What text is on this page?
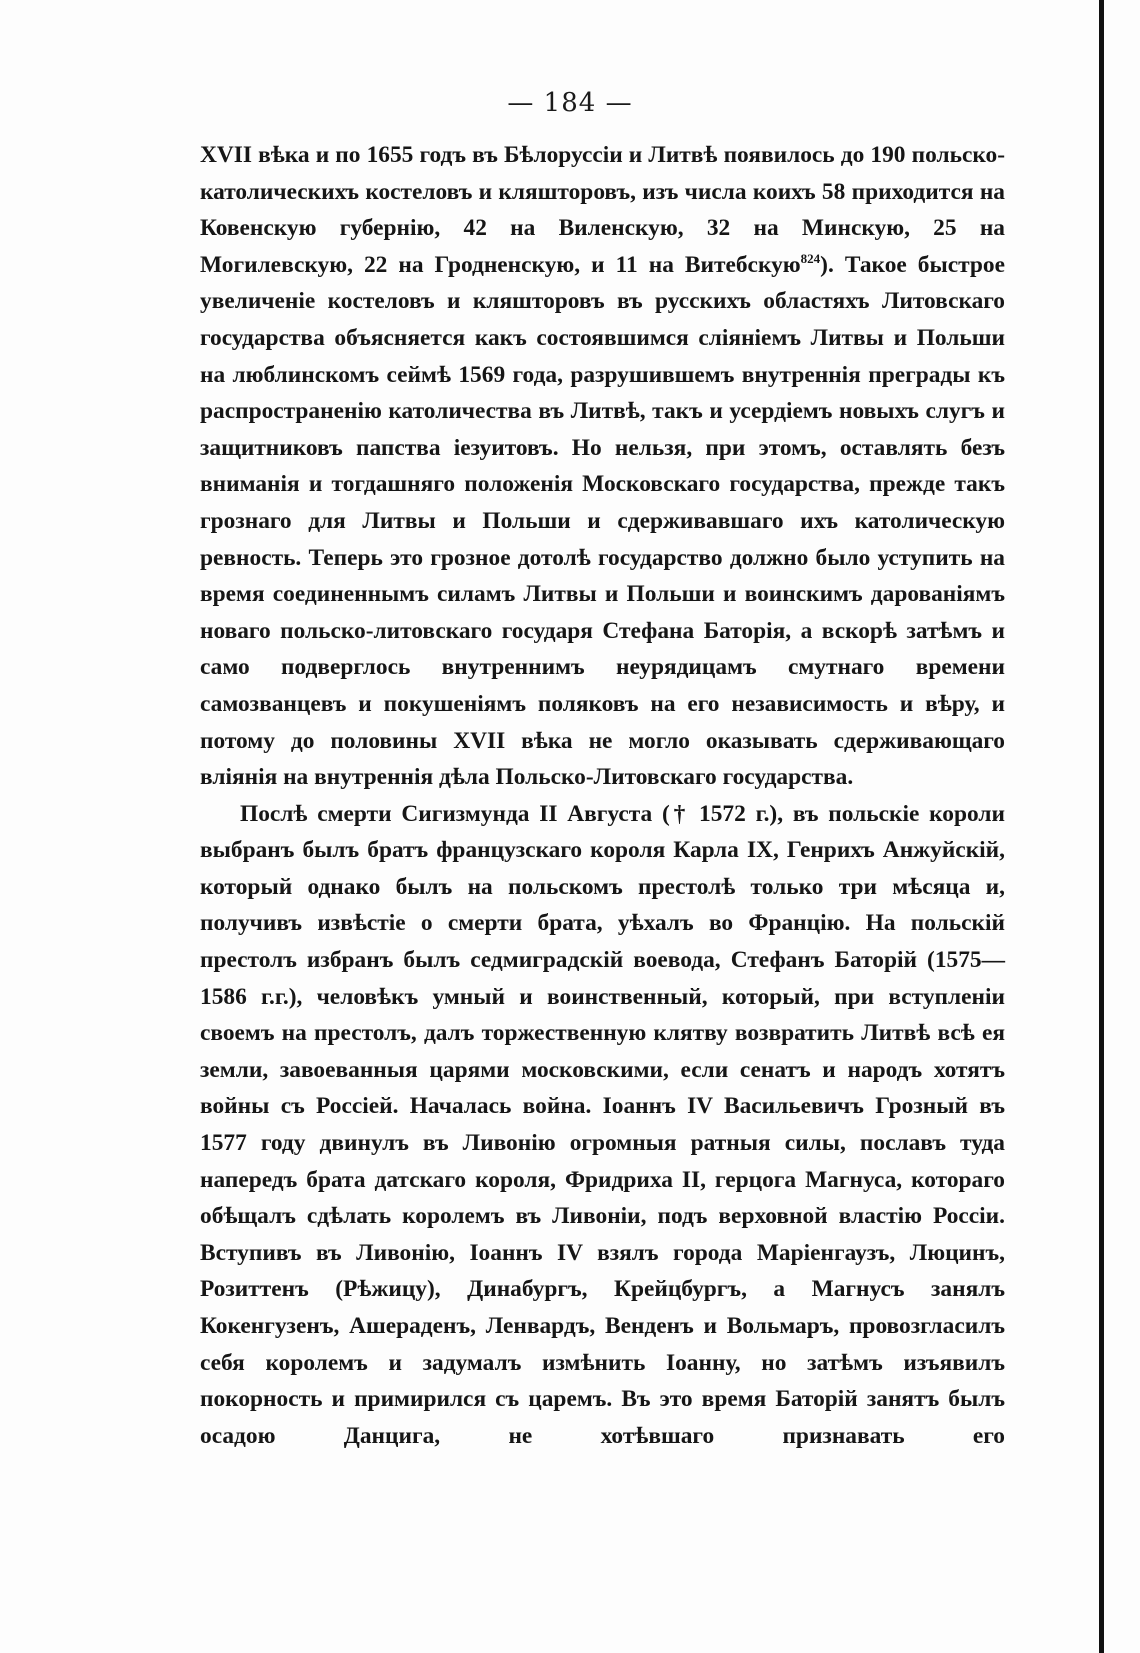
— 184 —

XVII вѣка и по 1655 годъ въ Бѣлоруссіи и Литвѣ появилось до 190 польско-католическихъ костеловъ и кляшторовъ, изъ числа коихъ 58 приходится на Ковенскую губернію, 42 на Виленскую, 32 на Минскую, 25 на Могилевскую, 22 на Гродненскую, и 11 на Витебскую$^{824}$). Такое быстрое увеличеніе костеловъ и кляшторовъ въ русскихъ областяхъ Литовскаго государства объясняется какъ состоявшимся сліяніемъ Литвы и Польши на люблинскомъ сеймѣ 1569 года, разрушившемъ внутреннія преграды къ распространенію католичества въ Литвѣ, такъ и усердіемъ новыхъ слугъ и защитниковъ папства іезуитовъ. Но нельзя, при этомъ, оставлять безъ вниманія и тогдашняго положенія Московскаго государства, прежде такъ грознаго для Литвы и Польши и сдерживавшаго ихъ католическую ревность. Теперь это грозное дотолѣ государство должно было уступить на время соединеннымъ силамъ Литвы и Польши и воинскимъ дарованіямъ новаго польско-литовскаго государя Стефана Баторія, а вскорѣ затѣмъ и само подверглось внутреннимъ неурядицамъ смутнаго времени самозванцевъ и покушеніямъ поляковъ на его независимость и вѣру, и потому до половины XVII вѣка не могло оказывать сдерживающаго вліянія на внутреннія дѣла Польско-Литовскаго государства.

Послѣ смерти Сигизмунда II Августа († 1572 г.), въ польскіе короли выбранъ былъ братъ французскаго короля Карла IX, Генрихъ Анжуйскій, который однако былъ на польскомъ престолѣ только три мѣсяца и, получивъ извѣстіе о смерти брата, уѣхалъ во Францію. На польскій престолъ избранъ былъ седмиградскій воевода, Стефанъ Баторій (1575—1586 г.г.), человѣкъ умный и воинственный, который, при вступленіи своемъ на престолъ, далъ торжественную клятву возвратить Литвѣ всѣ ея земли, завоеванныя царями московскими, если сенатъ и народъ хотятъ войны съ Россіей. Началась война. Іоаннъ IV Васильевичъ Грозный въ 1577 году двинулъ въ Ливонію огромныя ратныя силы, пославъ туда напередъ брата датскаго короля, Фридриха II, герцога Магнуса, котораго обѣщалъ сдѣлать королемъ въ Ливоніи, подъ верховной властію Россіи. Вступивъ въ Ливонію, Іоаннъ IV взялъ города Маріенгаузъ, Люцинъ, Розиттенъ (Рѣжицу), Динабургъ, Крейцбургъ, а Магнусъ занялъ Кокенгузенъ, Ашераденъ, Ленвардъ, Венденъ и Вольмаръ, провозгласилъ себя королемъ и задумалъ измѣнить Іоанну, но затѣмъ изъявилъ покорность и примирился съ царемъ. Въ это время Баторій занятъ былъ осадою Данцига, не хотѣвшаго признавать его
